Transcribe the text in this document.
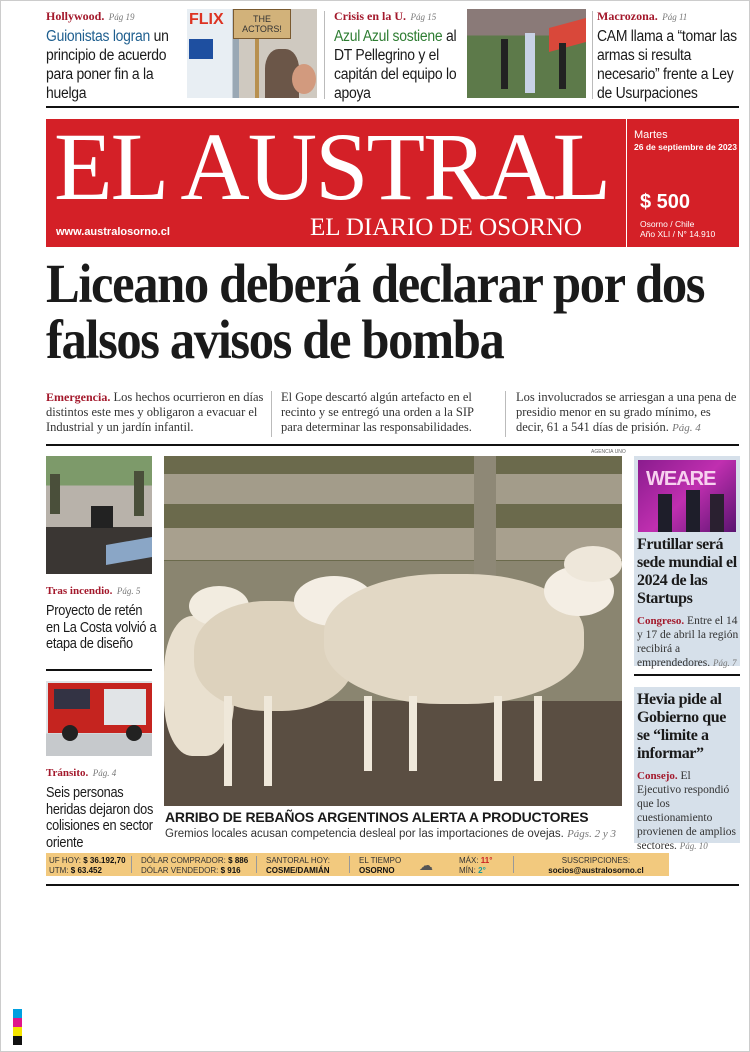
Hollywood. Pág 19
Guionistas logran un principio de acuerdo para poner fin a la huelga
FLIX	THE ACTORS!
Crisis en la U. Pág 15
Azul Azul sostiene al DT Pellegrino y el capitán del equipo lo apoya
Macrozona. Pág 11
CAM llama a “tomar las armas si resulta necesario” frente a Ley de Usurpaciones
EL AUSTRAL
EL DIARIO DE OSORNO
www.australosorno.cl
Martes
26 de septiembre de 2023
$ 500
Osorno / Chile
Año XLI / N° 14.910
Liceano deberá declarar por dos falsos avisos de bomba
Emergencia. Los hechos ocurrieron en días distintos este mes y obligaron a evacuar el Industrial y un jardín infantil.
El Gope descartó algún artefacto en el recinto y se entregó una orden a la SIP para determinar las responsabilidades.
Los involucrados se arriesgan a una pena de presidio menor en su grado mínimo, es decir, 61 a 541 días de prisión. Pág. 4
Tras incendio. Pág. 5
Proyecto de retén en La Costa volvió a etapa de diseño
Tránsito. Pág. 4
Seis personas heridas dejaron dos colisiones en sector oriente
AGENCIA UNO
ARRIBO DE REBAÑOS ARGENTINOS ALERTA A PRODUCTORES
Gremios locales acusan competencia desleal por las importaciones de ovejas. Págs. 2 y 3
WEARE
Frutillar será sede mundial el 2024 de las Startups
Congreso. Entre el 14 y 17 de abril la región recibirá a emprendedores. Pág. 7
Hevia pide al Gobierno que se “limite a informar”
Consejo. El Ejecutivo respondió que los cuestionamiento provienen de amplios sectores. Pág. 10
UF HOY: $ 36.192,70
UTM: $ 63.452
DÓLAR COMPRADOR: $ 886
DÓLAR VENDEDOR: $ 916
SANTORAL HOY:
COSME/DAMIÁN
EL TIEMPO
OSORNO	☁	MÁX: 11°
MÍN: 2°
SUSCRIPCIONES:
socios@australosorno.cl
